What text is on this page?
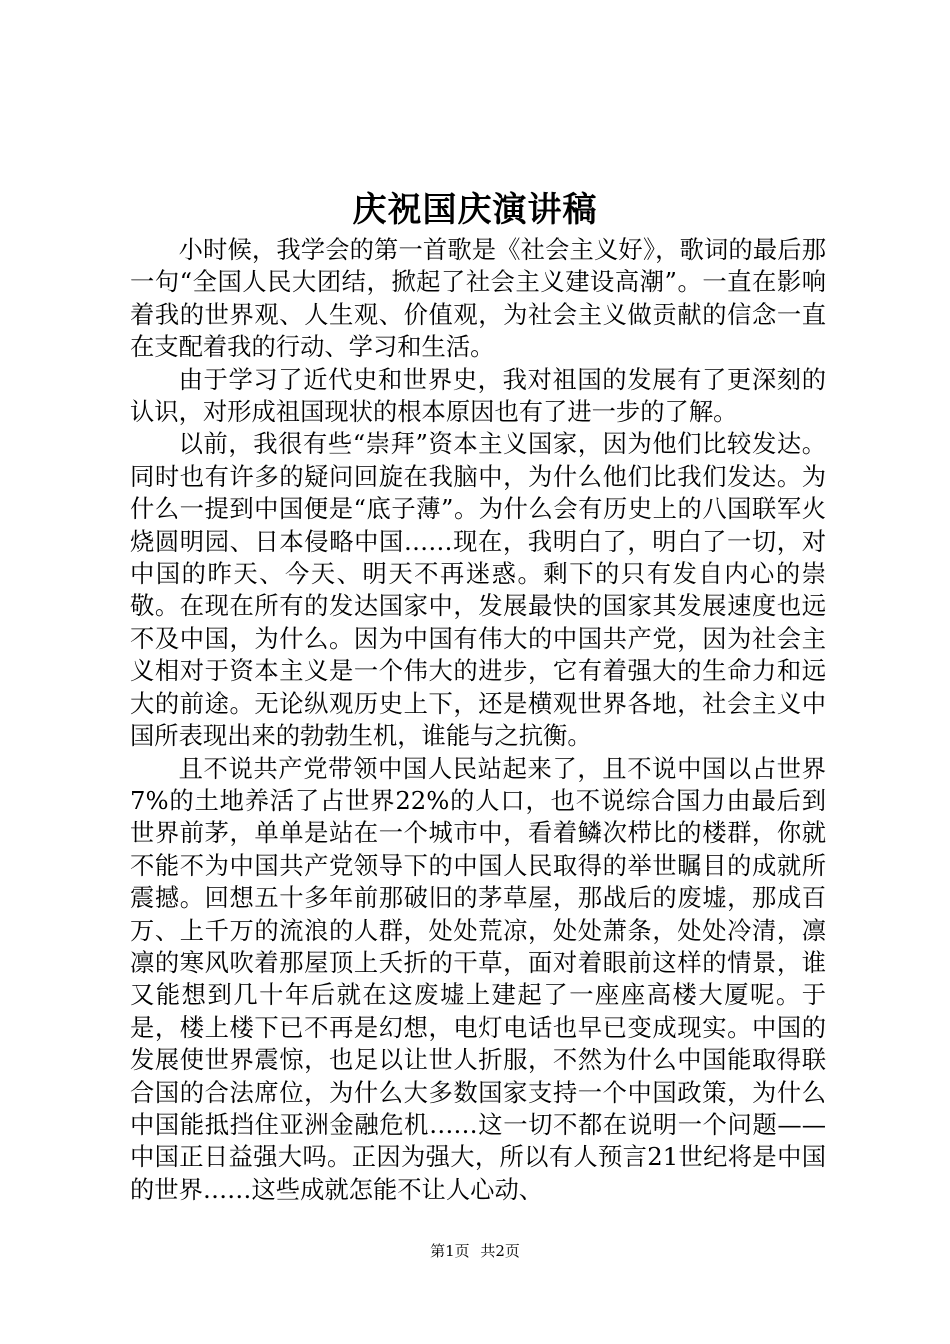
庆祝国庆演讲稿

小时候，我学会的第一首歌是《社会主义好》，歌词的最后那一句“全国人民大团结，掀起了社会主义建设高潮”。一直在影响着我的世界观、人生观、价值观，为社会主义做贡献的信念一直在支配着我的行动、学习和生活。

由于学习了近代史和世界史，我对祖国的发展有了更深刻的认识，对形成祖国现状的根本原因也有了进一步的了解。

以前，我很有些“崇拜”资本主义国家，因为他们比较发达。同时也有许多的疑问回旋在我脑中，为什么他们比我们发达。为什么一提到中国便是“底子薄”。为什么会有历史上的八国联军火烧圆明园、日本侵略中国……现在，我明白了，明白了一切，对中国的昨天、今天、明天不再迷惑。剩下的只有发自内心的崇敬。在现在所有的发达国家中，发展最快的国家其发展速度也远不及中国，为什么。因为中国有伟大的中国共产党，因为社会主义相对于资本主义是一个伟大的进步，它有着强大的生命力和远大的前途。无论纵观历史上下，还是横观世界各地，社会主义中国所表现出来的勃勃生机，谁能与之抗衡。

且不说共产党带领中国人民站起来了，且不说中国以占世界7%的土地养活了占世界22%的人口，也不说综合国力由最后到世界前茅，单单是站在一个城市中，看着鳞次栉比的楼群，你就不能不为中国共产党领导下的中国人民取得的举世瞩目的成就所震撼。回想五十多年前那破旧的茅草屋，那战后的废墟，那成百万、上千万的流浪的人群，处处荒凉，处处萧条，处处冷清，凛凛的寒风吹着那屋顶上夭折的干草，面对着眼前这样的情景，谁又能想到几十年后就在这废墟上建起了一座座高楼大厦呢。于是，楼上楼下已不再是幻想，电灯电话也早已变成现实。中国的发展使世界震惊，也足以让世人折服，不然为什么中国能取得联合国的合法席位，为什么大多数国家支持一个中国政策，为什么中国能抵挡住亚洲金融危机……这一切不都在说明一个问题——中国正日益强大吗。正因为强大，所以有人预言21世纪将是中国的世界……这些成就怎能不让人心动、

第1页 共2页
